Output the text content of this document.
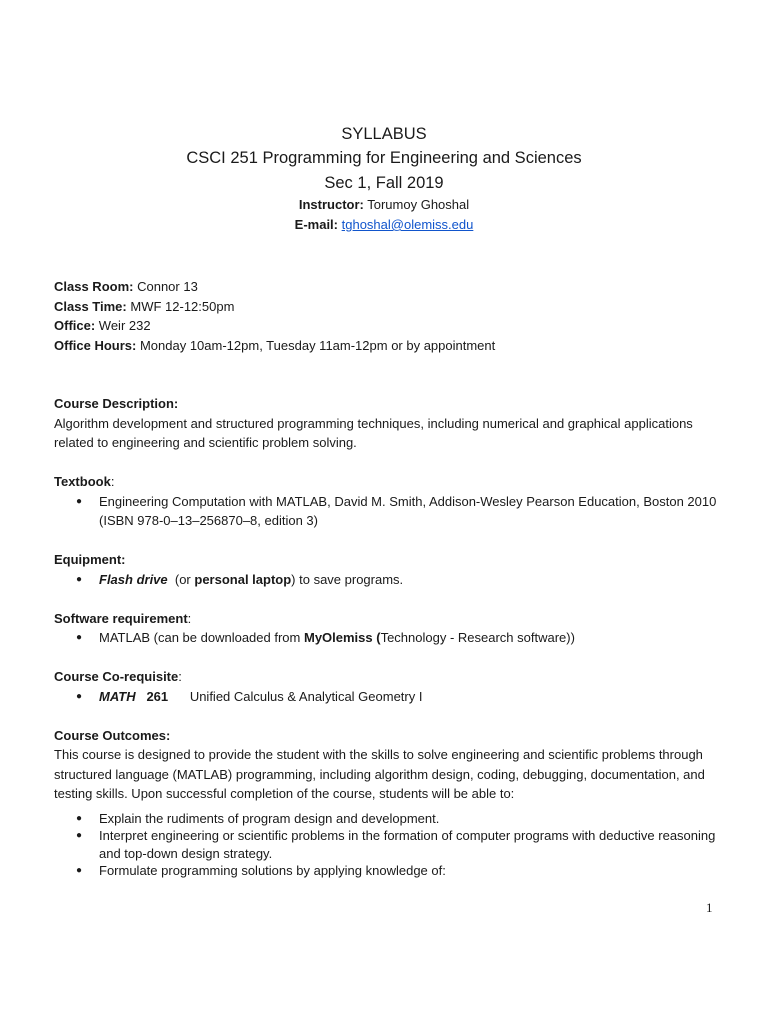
SYLLABUS
CSCI 251 Programming for Engineering and Sciences
Sec 1, Fall 2019
Instructor: Torumoy Ghoshal
E-mail: tghoshal@olemiss.edu
Class Room: Connor 13
Class Time: MWF 12-12:50pm
Office: Weir 232
Office Hours: Monday 10am-12pm, Tuesday 11am-12pm or by appointment
Course Description:

Algorithm development and structured programming techniques, including numerical and graphical applications related to engineering and scientific problem solving.

Textbook:
● Engineering Computation with MATLAB, David M. Smith, Addison-Wesley Pearson Education, Boston 2010 (ISBN 978-0–13–256870–8, edition 3)
Equipment:
● Flash drive  (or personal laptop) to save programs.
Software requirement:
● MATLAB (can be downloaded from MyOlemiss (Technology - Research software))
Course Co-requisite:
● MATH 261 Unified Calculus & Analytical Geometry I
Course Outcomes:

This course is designed to provide the student with the skills to solve engineering and scientific problems through structured language (MATLAB) programming, including algorithm design, coding, debugging, documentation, and testing skills. Upon successful completion of the course, students will be able to:

● Explain the rudiments of program design and development.
● Interpret engineering or scientific problems in the formation of computer programs with deductive reasoning and top-down design strategy.
● Formulate programming solutions by applying knowledge of:
1
